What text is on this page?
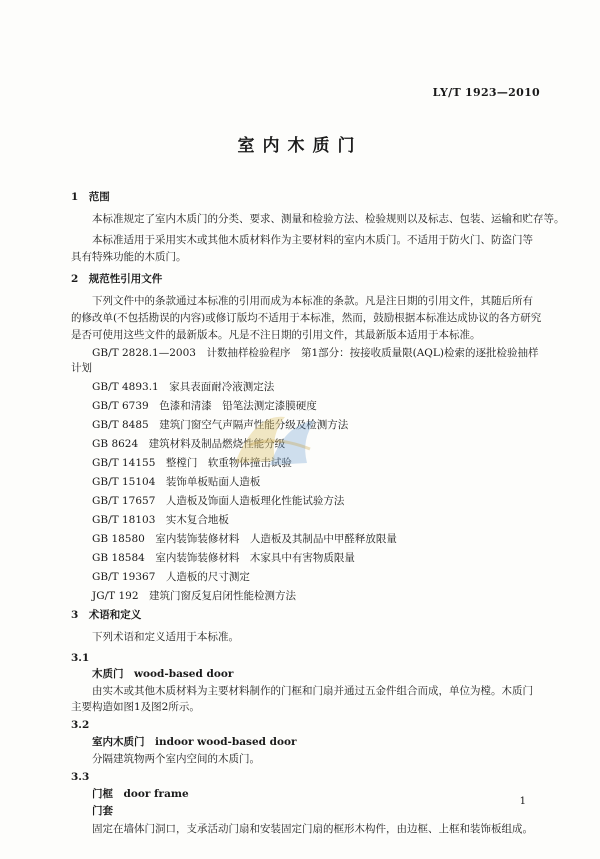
LY/T 1923—2010
室内木质门
1　范围
本标准规定了室内木质门的分类、要求、测量和检验方法、检验规则以及标志、包装、运输和贮存等。
本标准适用于采用实木或其他木质材料作为主要材料的室内木质门。不适用于防火门、防盗门等
具有特殊功能的木质门。
2　规范性引用文件
下列文件中的条款通过本标准的引用而成为本标准的条款。凡是注日期的引用文件，其随后所有
的修改单(不包括勘误的内容)或修订版均不适用于本标准，然而，鼓励根据本标准达成协议的各方研究
是否可使用这些文件的最新版本。凡是不注日期的引用文件，其最新版本适用于本标准。
GB/T 2828.1—2003　计数抽样检验程序　第1部分：按接收质量限(AQL)检索的逐批检验抽样
计划
GB/T 4893.1　家具表面耐冷液测定法
GB/T 6739　色漆和清漆　铅笔法测定漆膜硬度
GB/T 8485　建筑门窗空气声隔声性能分级及检测方法
GB 8624　建筑材料及制品燃烧性能分级
GB/T 14155　整樘门　软重物体撞击试验
GB/T 15104　装饰单板贴面人造板
GB/T 17657　人造板及饰面人造板理化性能试验方法
GB/T 18103　实木复合地板
GB 18580　室内装饰装修材料　人造板及其制品中甲醛释放限量
GB 18584　室内装饰装修材料　木家具中有害物质限量
GB/T 19367　人造板的尺寸测定
JG/T 192　建筑门窗反复启闭性能检测方法
3　术语和定义
下列术语和定义适用于本标准。
3.1
木质门　wood-based door
由实木或其他木质材料为主要材料制作的门框和门扇并通过五金件组合而成，单位为樘。木质门
主要构造如图1及图2所示。
3.2
室内木质门　indoor wood-based door
分隔建筑物两个室内空间的木质门。
3.3
门框　door frame
门套
固定在墙体门洞口，支承活动门扇和安装固定门扇的框形木构件，由边框、上框和装饰板组成。
1
